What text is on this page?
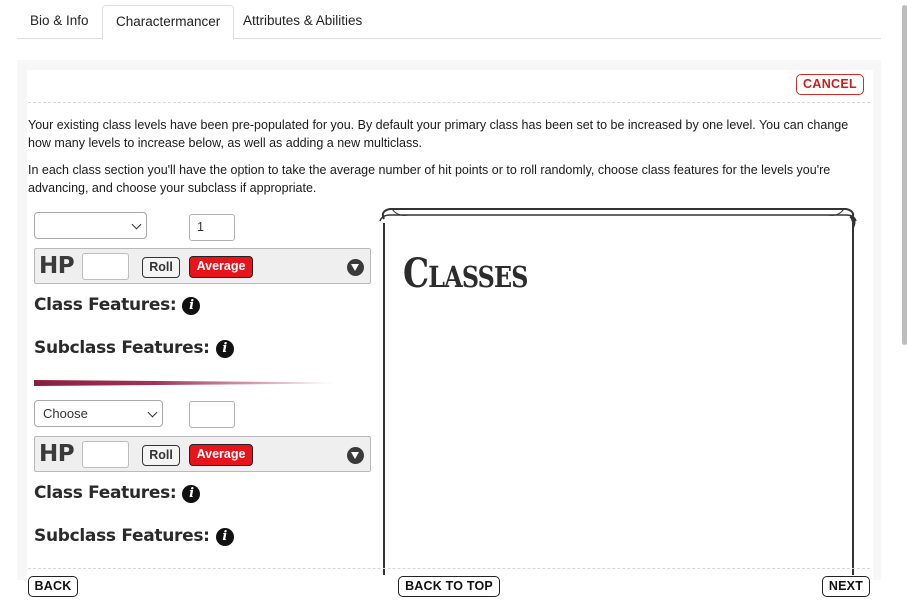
Bio & Info	Charactermancer	Attributes & Abilities
CANCEL

Your existing class levels have been pre-populated for you. By default your primary class has been set to be increased by one level. You can change how many levels to increase below, as well as adding a new multiclass.

In each class section you'll have the option to take the average number of hit points or to roll randomly, choose class features for the levels you're advancing, and choose your subclass if appropriate.

1
HP	Roll	Average
Class Features: i
Subclass Features: i
Choose
HP	Roll	Average
Class Features: i
Subclass Features: i
CLASSES
BACK	BACK TO TOP	NEXT
